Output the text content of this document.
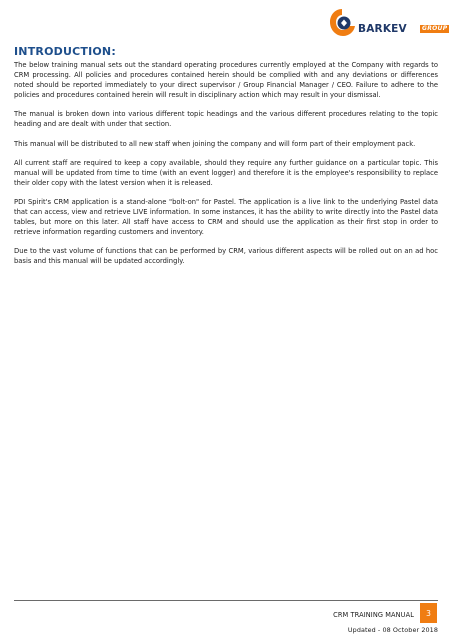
BARKEV	GROUP
INTRODUCTION:

The below training manual sets out the standard operating procedures currently employed at the Company with regards to CRM processing. All policies and procedures contained herein should be complied with and any deviations or differences noted should be reported immediately to your direct supervisor / Group Financial Manager / CEO. Failure to adhere to the policies and procedures contained herein will result in disciplinary action which may result in your dismissal.

The manual is broken down into various different topic headings and the various different procedures relating to the topic heading and are dealt with under that section.

This manual will be distributed to all new staff when joining the company and will form part of their employment pack.

All current staff are required to keep a copy available, should they require any further guidance on a particular topic. This manual will be updated from time to time (with an event logger) and therefore it is the employee's responsibility to replace their older copy with the latest version when it is released.

PDI Spirit's CRM application is a stand-alone "bolt-on" for Pastel. The application is a live link to the underlying Pastel data that can access, view and retrieve LIVE information. In some instances, it has the ability to write directly into the Pastel data tables, but more on this later. All staff have access to CRM and should use the application as their first stop in order to retrieve information regarding customers and inventory.

Due to the vast volume of functions that can be performed by CRM, various different aspects will be rolled out on an ad hoc basis and this manual will be updated accordingly.

CRM TRAINING MANUAL 3
Updated - 08 October 2018
